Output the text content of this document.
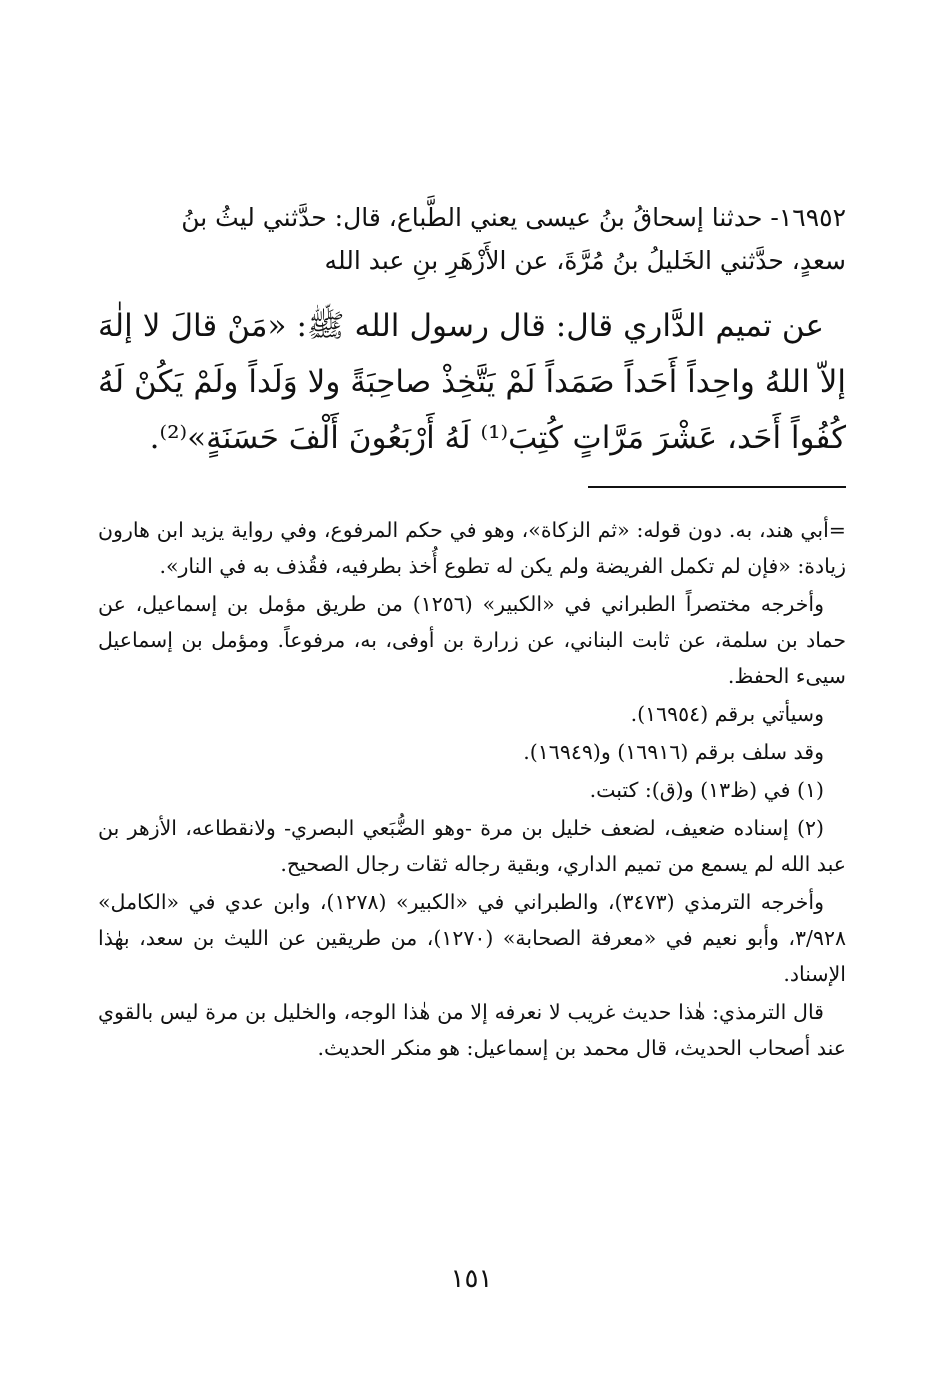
١٦٩٥٢- حدثنا إسحاقُ بنُ عيسى يعني الطَّباع، قال: حدَّثني ليثُ بنُ
سعدٍ، حدَّثني الخَليلُ بنُ مُرَّةَ، عن الأَزْهَرِ بنِ عبد الله
عن تميم الدَّاري قال: قال رسول الله ﷺ: «مَنْ قالَ لا إلٰهَ إلاّ اللهُ واحِداً أَحَداً صَمَداً لَمْ يَتَّخِذْ صاحِبَةً ولا وَلَداً ولَمْ يَكُنْ لَهُ كُفُواً أَحَد، عَشْرَ مَرَّاتٍ كُتِبَ⁽¹⁾ لَهُ أَرْبَعُونَ أَلْفَ حَسَنَةٍ»⁽²⁾.

=أبي هند، به. دون قوله: «ثم الزكاة»، وهو في حكم المرفوع، وفي رواية يزيد ابن هارون زيادة: «فإن لم تكمل الفريضة ولم يكن له تطوع أُخذ بطرفيه، فقُذف به في النار».

وأخرجه مختصراً الطبراني في «الكبير» (١٢٥٦) من طريق مؤمل بن إسماعيل، عن حماد بن سلمة، عن ثابت البناني، عن زرارة بن أوفى، به، مرفوعاً. ومؤمل بن إسماعيل سيىء الحفظ.

وسيأتي برقم (١٦٩٥٤).

وقد سلف برقم (١٦٩١٦) و(١٦٩٤٩).

(١) في (ظ١٣) و(ق): كتبت.

(٢) إسناده ضعيف، لضعف خليل بن مرة -وهو الضُّبَعي البصري- ولانقطاعه، الأزهر بن عبد الله لم يسمع من تميم الداري، وبقية رجاله ثقات رجال الصحيح.

وأخرجه الترمذي (٣٤٧٣)، والطبراني في «الكبير» (١٢٧٨)، وابن عدي في «الكامل» ٣/٩٢٨، وأبو نعيم في «معرفة الصحابة» (١٢٧٠)، من طريقين عن الليث بن سعد، بهٰذا الإسناد.

قال الترمذي: هٰذا حديث غريب لا نعرفه إلا من هٰذا الوجه، والخليل بن مرة ليس بالقوي عند أصحاب الحديث، قال محمد بن إسماعيل: هو منكر الحديث.

١٥١
